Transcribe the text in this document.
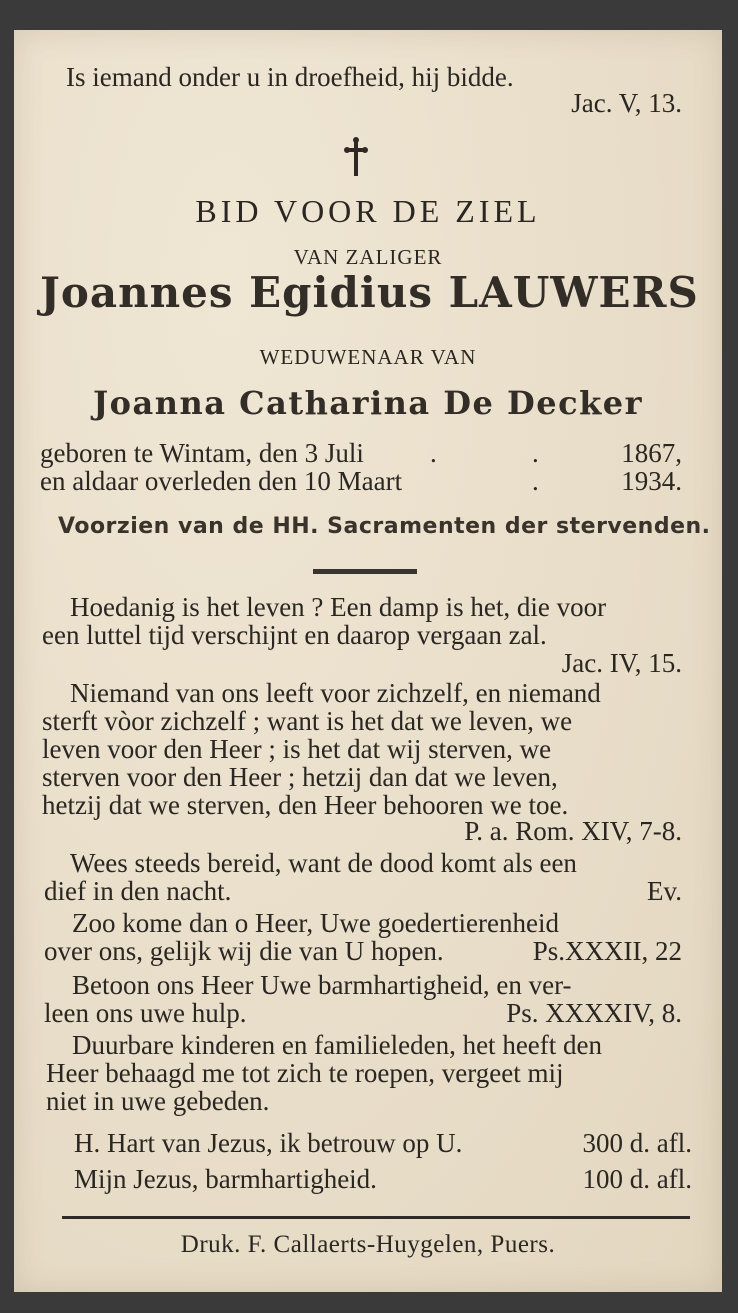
Is iemand onder u in droefheid, hij bidde.
Jac. V, 13.
BID VOOR DE ZIEL
VAN ZALIGER
Joannes Egidius LAUWERS
WEDUWENAAR VAN
Joanna Catharina De Decker
geboren te Wintam, den 3 Juli .	.	1867,
en aldaar overleden den 10 Maart	.	1934.
Voorzien van de HH. Sacramenten der stervenden.
Hoedanig is het leven ? Een damp is het, die voor
een luttel tijd verschijnt en daarop vergaan zal.
Jac. IV, 15.
Niemand van ons leeft voor zichzelf, en niemand
sterft vòor zichzelf ; want is het dat we leven, we
leven voor den Heer ; is het dat wij sterven, we
sterven voor den Heer ; hetzij dan dat we leven,
hetzij dat we sterven, den Heer behooren we toe.
P. a. Rom. XIV, 7-8.
Wees steeds bereid, want de dood komt als een
dief in den nacht.	Ev.
Zoo kome dan o Heer, Uwe goedertierenheid
over ons, gelijk wij die van U hopen.	Ps.XXXII, 22
Betoon ons Heer Uwe barmhartigheid, en ver-
leen ons uwe hulp.	Ps. XXXXIV, 8.
Duurbare kinderen en familieleden, het heeft den
Heer behaagd me tot zich te roepen, vergeet mij
niet in uwe gebeden.
H. Hart van Jezus, ik betrouw op U.	300 d. afl.
Mijn Jezus, barmhartigheid.	100 d. afl.
Druk. F. Callaerts-Huygelen, Puers.
